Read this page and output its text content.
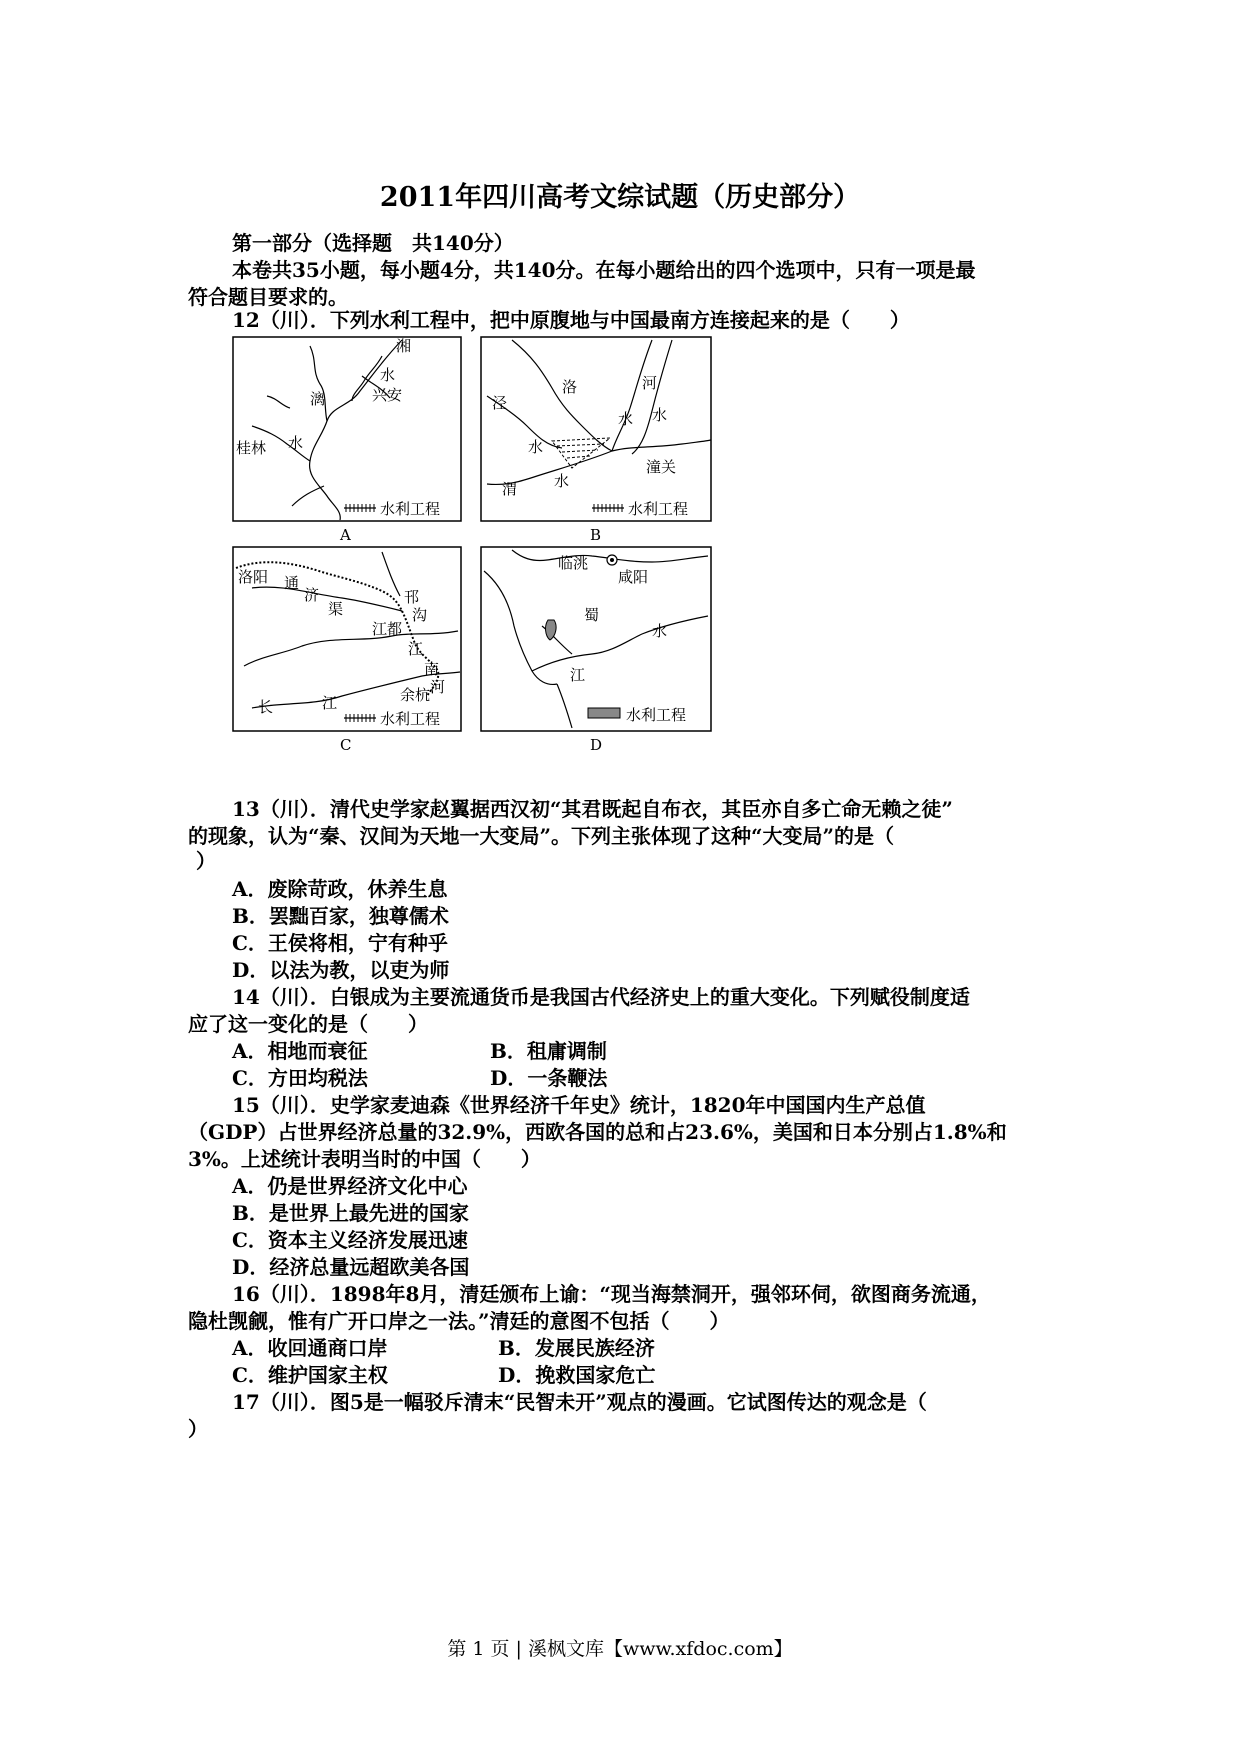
2011年四川高考文综试题（历史部分）
第一部分（选择题　共140分）
本卷共35小题，每小题4分，共140分。在每小题给出的四个选项中，只有一项是最
符合题目要求的。
12（川）．下列水利工程中，把中原腹地与中国最南方连接起来的是（　　）
湘
水
兴安
漓
水
桂林
水利工程
A
泾
洛	河
水
水
水
渭 水
潼关
水利工程
B
洛阳 通
济
渠
邗
沟
江都
江
南
河
余杭
长	江
水利工程
C
临洮
咸阳
蜀
水
江
水利工程
D
13（川）．清代史学家赵翼据西汉初“其君既起自布衣，其臣亦自多亡命无赖之徒”
的现象，认为“秦、汉间为天地一大变局”。下列主张体现了这种“大变局”的是（
）
A．废除苛政，休养生息
B．罢黜百家，独尊儒术
C．王侯将相，宁有种乎
D．以法为教，以吏为师
14（川）．白银成为主要流通货币是我国古代经济史上的重大变化。下列赋役制度适
应了这一变化的是（　　）
A．相地而衰征	B．租庸调制
C．方田均税法	D．一条鞭法
15（川）．史学家麦迪森《世界经济千年史》统计，1820年中国国内生产总值
（GDP）占世界经济总量的32.9%，西欧各国的总和占23.6%，美国和日本分别占1.8%和
3%。上述统计表明当时的中国（　　）
A．仍是世界经济文化中心
B．是世界上最先进的国家
C．资本主义经济发展迅速
D．经济总量远超欧美各国
16（川）．1898年8月，清廷颁布上谕：“现当海禁洞开，强邻环伺，欲图商务流通，
隐杜觊觎，惟有广开口岸之一法。”清廷的意图不包括（　　）
A．收回通商口岸	B．发展民族经济
C．维护国家主权	D．挽救国家危亡
17（川）．图5是一幅驳斥清末“民智未开”观点的漫画。它试图传达的观念是（
）
第 1 页 | 溪枫文库【www.xfdoc.com】
